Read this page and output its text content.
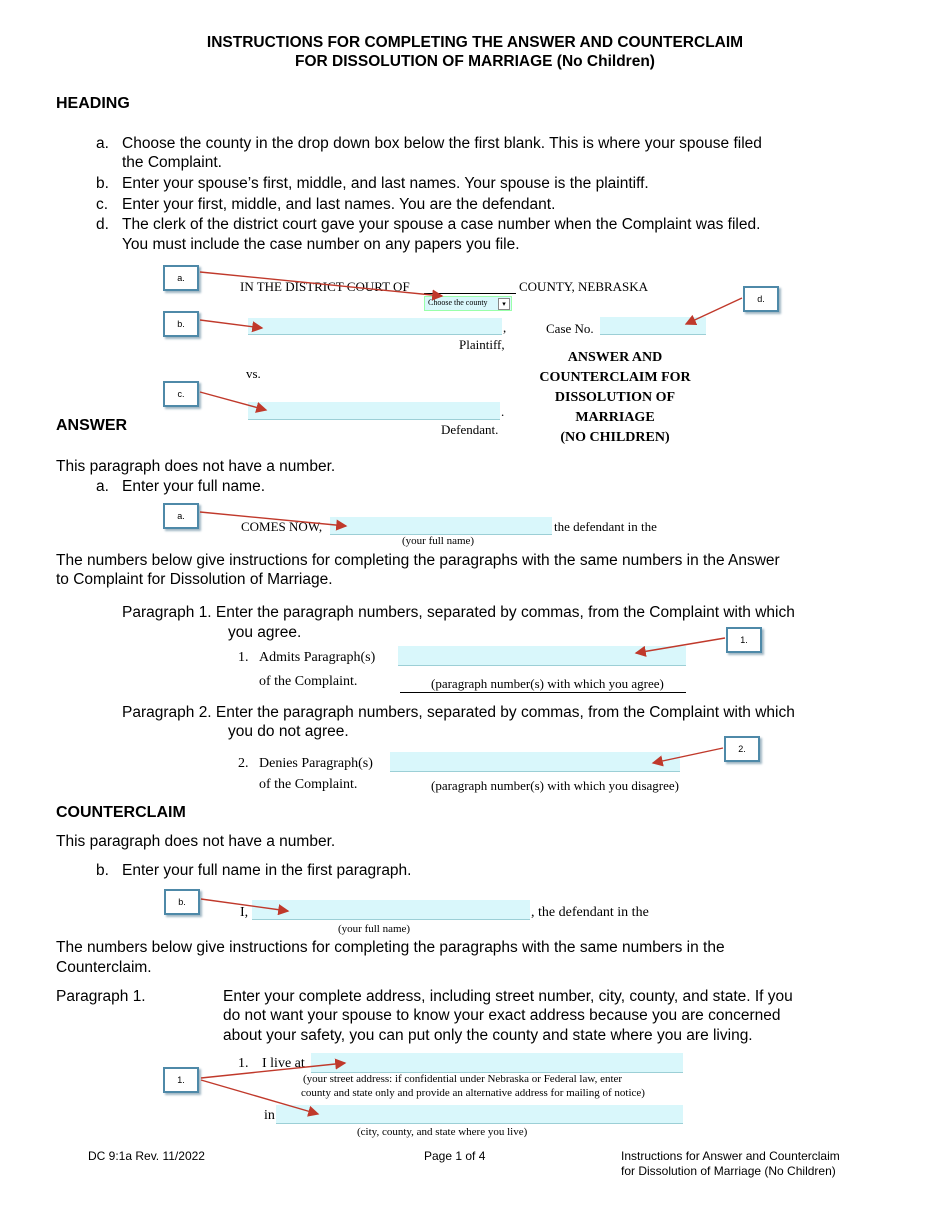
INSTRUCTIONS FOR COMPLETING THE ANSWER AND COUNTERCLAIM
FOR DISSOLUTION OF MARRIAGE (No Children)
HEADING
a. Choose the county in the drop down box below the first blank. This is where your spouse filed
the Complaint.
b. Enter your spouse’s first, middle, and last names. Your spouse is the plaintiff.
c. Enter your first, middle, and last names. You are the defendant.
d. The clerk of the district court gave your spouse a case number when the Complaint was filed.
You must include the case number on any papers you file.
IN THE DISTRICT COURT OF	COUNTY, NEBRASKA
Choose the county	▾
,
Plaintiff,
Case No.
vs.
.
Defendant.
ANSWER AND
COUNTERCLAIM FOR
DISSOLUTION OF
MARRIAGE
(NO CHILDREN)
a.
b.
c.
d.
ANSWER
This paragraph does not have a number.
a. Enter your full name.
COMES NOW,	the defendant in the
(your full name)
a.
The numbers below give instructions for completing the paragraphs with the same numbers in the Answer
to Complaint for Dissolution of Marriage.
Paragraph 1. Enter the paragraph numbers, separated by commas, from the Complaint with which
you agree.
1. Admits Paragraph(s)
of the Complaint.	(paragraph number(s) with which you agree)
1.
Paragraph 2. Enter the paragraph numbers, separated by commas, from the Complaint with which
you do not agree.
2. Denies Paragraph(s)
of the Complaint.	(paragraph number(s) with which you disagree)
2.
COUNTERCLAIM
This paragraph does not have a number.
b. Enter your full name in the first paragraph.
I,	, the defendant in the
(your full name)
b.
The numbers below give instructions for completing the paragraphs with the same numbers in the
Counterclaim.
Paragraph 1.	Enter your complete address, including street number, city, county, and state. If you
do not want your spouse to know your exact address because you are concerned
about your safety, you can put only the county and state where you are living.
1. I live at
(your street address: if confidential under Nebraska or Federal law, enter
county and state only and provide an alternative address for mailing of notice)
in
(city, county, and state where you live)
1.
DC 9:1a Rev. 11/2022	Page 1 of 4	Instructions for Answer and Counterclaim
for Dissolution of Marriage (No Children)
